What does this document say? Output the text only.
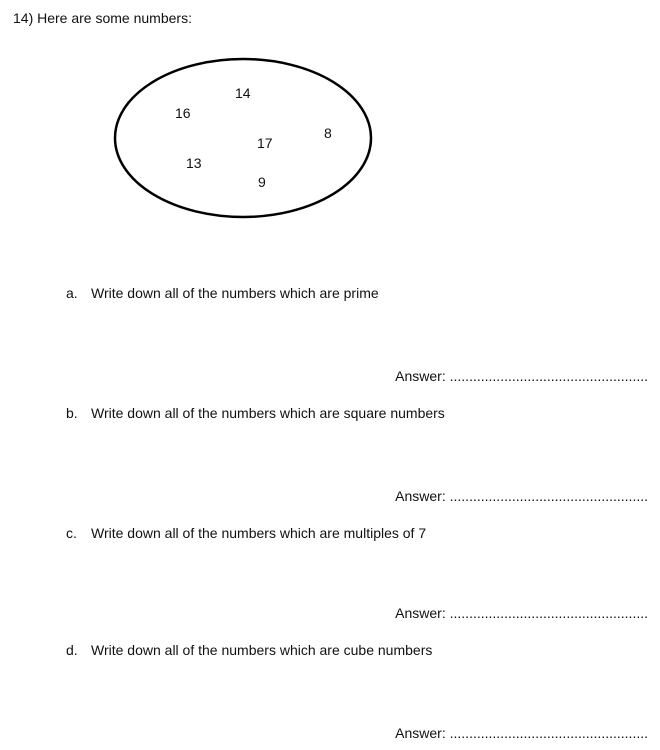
14) Here are some numbers:
16
14
17
8
13
9
a. Write down all of the numbers which are prime
Answer: ...................................................
b. Write down all of the numbers which are square numbers
Answer: ...................................................
c. Write down all of the numbers which are multiples of 7
Answer: ...................................................
d. Write down all of the numbers which are cube numbers
Answer: ...................................................
